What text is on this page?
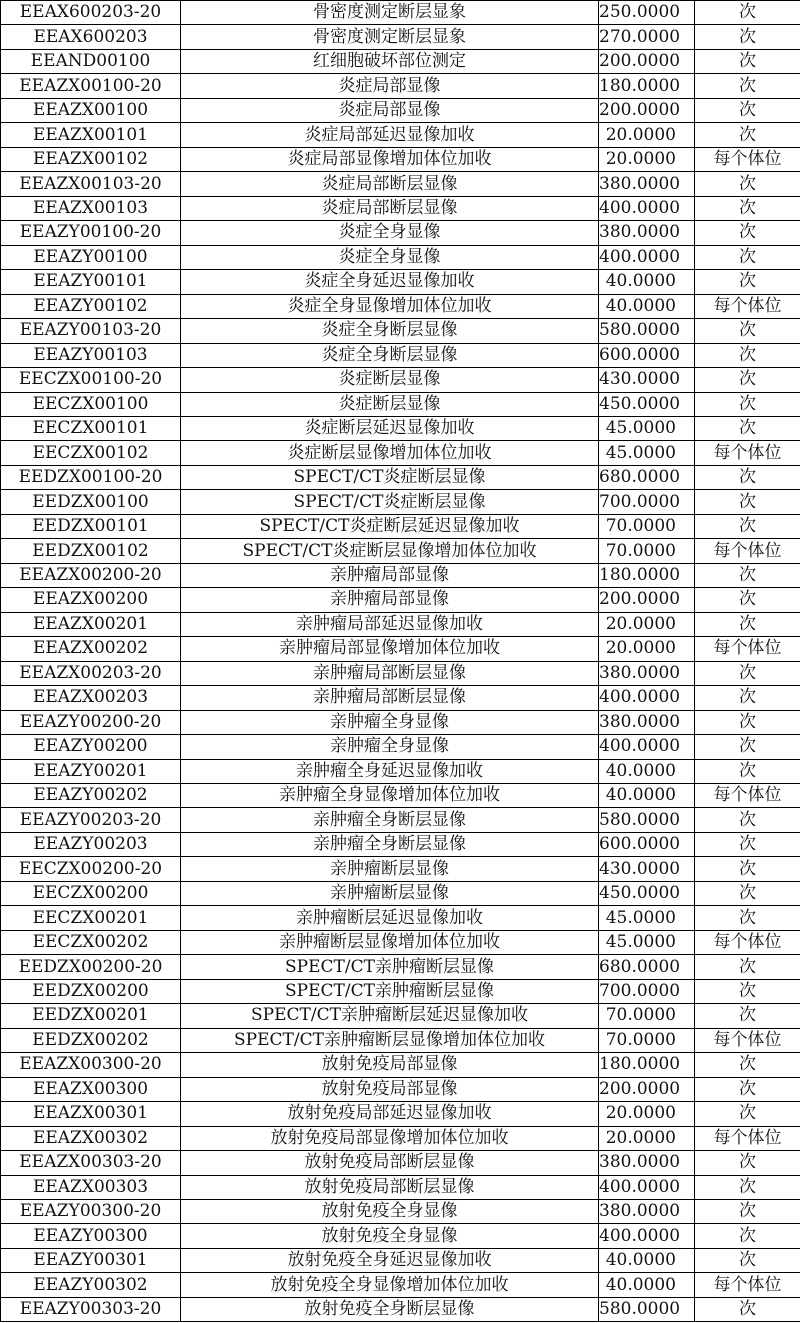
EEAX600203-20	骨密度测定断层显象	250.0000	次
EEAX600203	骨密度测定断层显象	270.0000	次
EEAND00100	红细胞破坏部位测定	200.0000	次
EEAZX00100-20	炎症局部显像	180.0000	次
EEAZX00100	炎症局部显像	200.0000	次
EEAZX00101	炎症局部延迟显像加收	20.0000	次
EEAZX00102	炎症局部显像增加体位加收	20.0000	每个体位
EEAZX00103-20	炎症局部断层显像	380.0000	次
EEAZX00103	炎症局部断层显像	400.0000	次
EEAZY00100-20	炎症全身显像	380.0000	次
EEAZY00100	炎症全身显像	400.0000	次
EEAZY00101	炎症全身延迟显像加收	40.0000	次
EEAZY00102	炎症全身显像增加体位加收	40.0000	每个体位
EEAZY00103-20	炎症全身断层显像	580.0000	次
EEAZY00103	炎症全身断层显像	600.0000	次
EECZX00100-20	炎症断层显像	430.0000	次
EECZX00100	炎症断层显像	450.0000	次
EECZX00101	炎症断层延迟显像加收	45.0000	次
EECZX00102	炎症断层显像增加体位加收	45.0000	每个体位
EEDZX00100-20	SPECT/CT炎症断层显像	680.0000	次
EEDZX00100	SPECT/CT炎症断层显像	700.0000	次
EEDZX00101	SPECT/CT炎症断层延迟显像加收	70.0000	次
EEDZX00102	SPECT/CT炎症断层显像增加体位加收	70.0000	每个体位
EEAZX00200-20	亲肿瘤局部显像	180.0000	次
EEAZX00200	亲肿瘤局部显像	200.0000	次
EEAZX00201	亲肿瘤局部延迟显像加收	20.0000	次
EEAZX00202	亲肿瘤局部显像增加体位加收	20.0000	每个体位
EEAZX00203-20	亲肿瘤局部断层显像	380.0000	次
EEAZX00203	亲肿瘤局部断层显像	400.0000	次
EEAZY00200-20	亲肿瘤全身显像	380.0000	次
EEAZY00200	亲肿瘤全身显像	400.0000	次
EEAZY00201	亲肿瘤全身延迟显像加收	40.0000	次
EEAZY00202	亲肿瘤全身显像增加体位加收	40.0000	每个体位
EEAZY00203-20	亲肿瘤全身断层显像	580.0000	次
EEAZY00203	亲肿瘤全身断层显像	600.0000	次
EECZX00200-20	亲肿瘤断层显像	430.0000	次
EECZX00200	亲肿瘤断层显像	450.0000	次
EECZX00201	亲肿瘤断层延迟显像加收	45.0000	次
EECZX00202	亲肿瘤断层显像增加体位加收	45.0000	每个体位
EEDZX00200-20	SPECT/CT亲肿瘤断层显像	680.0000	次
EEDZX00200	SPECT/CT亲肿瘤断层显像	700.0000	次
EEDZX00201	SPECT/CT亲肿瘤断层延迟显像加收	70.0000	次
EEDZX00202	SPECT/CT亲肿瘤断层显像增加体位加收	70.0000	每个体位
EEAZX00300-20	放射免疫局部显像	180.0000	次
EEAZX00300	放射免疫局部显像	200.0000	次
EEAZX00301	放射免疫局部延迟显像加收	20.0000	次
EEAZX00302	放射免疫局部显像增加体位加收	20.0000	每个体位
EEAZX00303-20	放射免疫局部断层显像	380.0000	次
EEAZX00303	放射免疫局部断层显像	400.0000	次
EEAZY00300-20	放射免疫全身显像	380.0000	次
EEAZY00300	放射免疫全身显像	400.0000	次
EEAZY00301	放射免疫全身延迟显像加收	40.0000	次
EEAZY00302	放射免疫全身显像增加体位加收	40.0000	每个体位
EEAZY00303-20	放射免疫全身断层显像	580.0000	次
